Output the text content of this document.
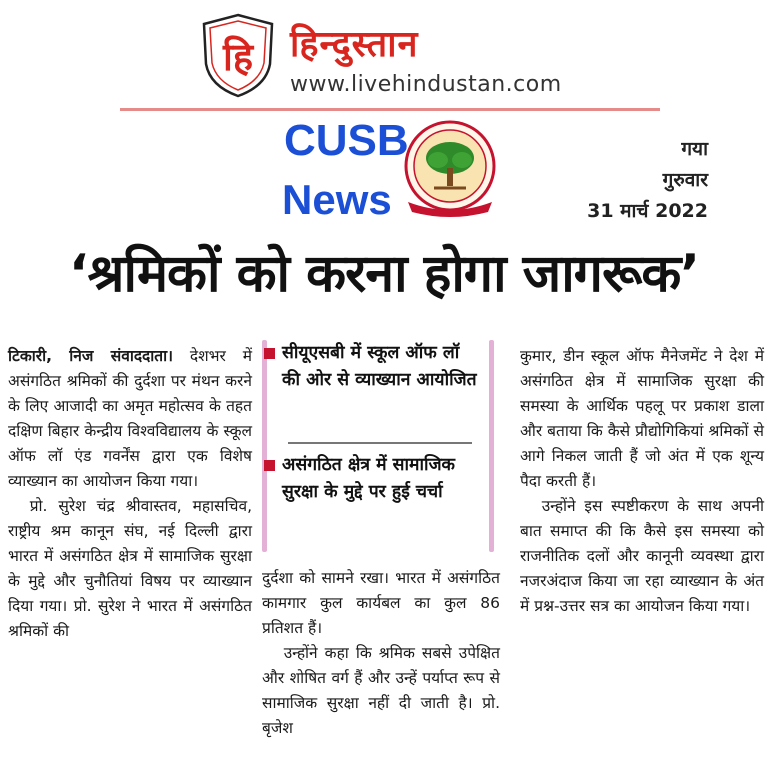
हि हिन्दुस्तान
www.livehindustan.com
CUSB
News
गया
गुरुवार
31 मार्च 2022
‘श्रमिकों को करना होगा जागरूक’

टिकारी, निज संवाददाता। देशभर में असंगठित श्रमिकों की दुर्दशा पर मंथन करने के लिए आजादी का अमृत महोत्सव के तहत दक्षिण बिहार केन्द्रीय विश्वविद्यालय के स्कूल ऑफ लॉ एंड गवर्नेंस द्वारा एक विशेष व्याख्यान का आयोजन किया गया।

प्रो. सुरेश चंद्र श्रीवास्तव, महासचिव, राष्ट्रीय श्रम कानून संघ, नई दिल्ली द्वारा भारत में असंगठित क्षेत्र में सामाजिक सुरक्षा के मुद्दे और चुनौतियां विषय पर व्याख्यान दिया गया। प्रो. सुरेश ने भारत में असंगठित श्रमिकों की

सीयूएसबी में स्कूल ऑफ लॉ की ओर से व्याख्यान आयोजित
असंगठित क्षेत्र में सामाजिक सुरक्षा के मुद्दे पर हुई चर्चा

दुर्दशा को सामने रखा। भारत में असंगठित कामगार कुल कार्यबल का कुल 86 प्रतिशत हैं।

उन्होंने कहा कि श्रमिक सबसे उपेक्षित और शोषित वर्ग हैं और उन्हें पर्याप्त रूप से सामाजिक सुरक्षा नहीं दी जाती है। प्रो. बृजेश

कुमार, डीन स्कूल ऑफ मैनेजमेंट ने देश में असंगठित क्षेत्र में सामाजिक सुरक्षा की समस्या के आर्थिक पहलू पर प्रकाश डाला और बताया कि कैसे प्रौद्योगिकियां श्रमिकों से आगे निकल जाती हैं जो अंत में एक शून्य पैदा करती हैं।

उन्होंने इस स्पष्टीकरण के साथ अपनी बात समाप्त की कि कैसे इस समस्या को राजनीतिक दलों और कानूनी व्यवस्था द्वारा नजरअंदाज किया जा रहा व्याख्यान के अंत में प्रश्न-उत्तर सत्र का आयोजन किया गया।
